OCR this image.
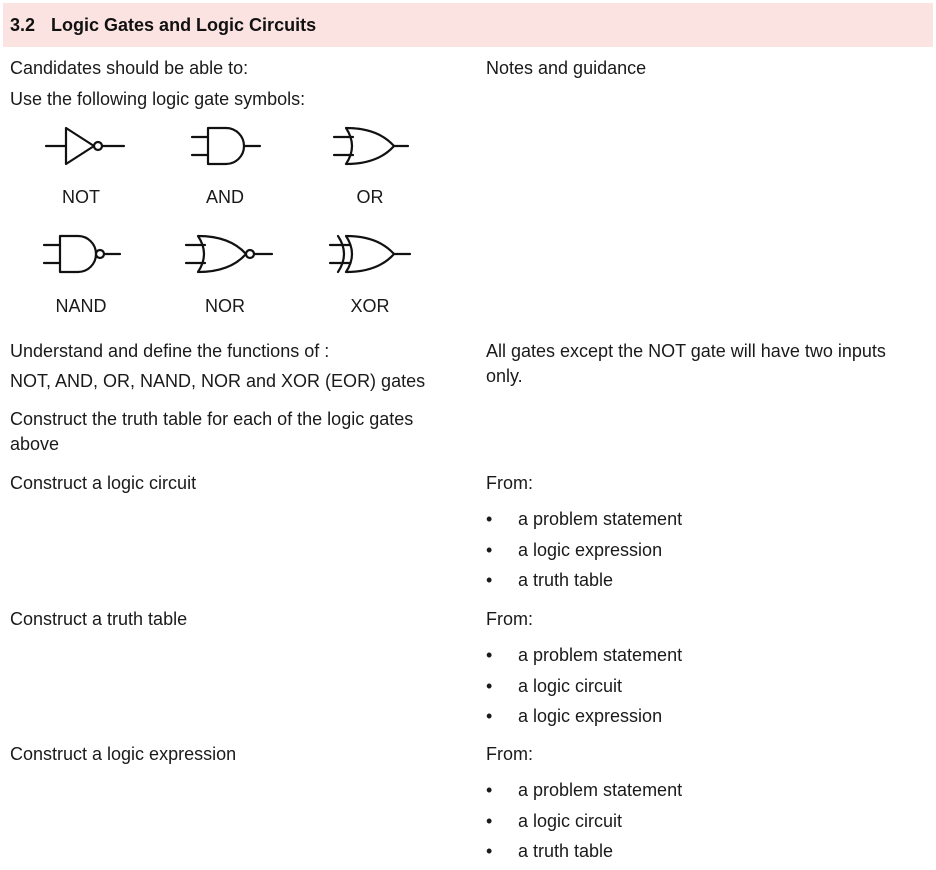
3.2 Logic Gates and Logic Circuits
Candidates should be able to:	Notes and guidance
Use the following logic gate symbols:
NOT	AND	OR
NAND	NOR	XOR
Understand and define the functions of :
NOT, AND, OR, NAND, NOR and XOR (EOR) gates
All gates except the NOT gate will have two inputs
only.
Construct the truth table for each of the logic gates
above
Construct a logic circuit	From:
• a problem statement
• a logic expression
• a truth table
Construct a truth table	From:
• a problem statement
• a logic circuit
• a logic expression
Construct a logic expression	From:
• a problem statement
• a logic circuit
• a truth table
